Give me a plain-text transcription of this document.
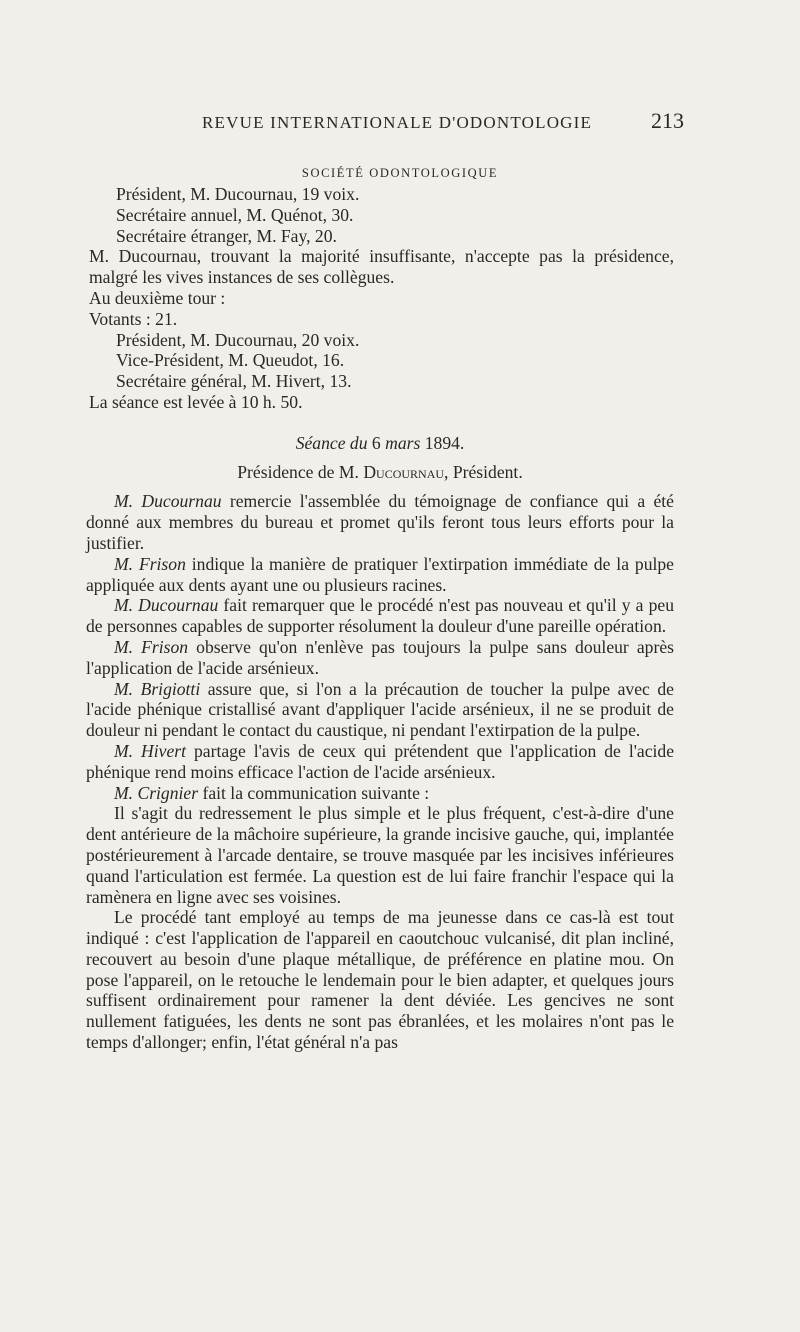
REVUE INTERNATIONALE D'ODONTOLOGIE	213
SOCIÉTÉ ODONTOLOGIQUE

Président, M. Ducournau, 19 voix.

Secrétaire annuel, M. Quénot, 30.

Secrétaire étranger, M. Fay, 20.

M. Ducournau, trouvant la majorité insuffisante, n'accepte pas la présidence, malgré les vives instances de ses collègues.

Au deuxième tour :

Votants : 21.

Président, M. Ducournau, 20 voix.

Vice-Président, M. Queudot, 16.

Secrétaire général, M. Hivert, 13.

La séance est levée à 10 h. 50.

Séance du 6 mars 1894.

Présidence de M. Ducournau, Président.

M. Ducournau remercie l'assemblée du témoignage de confiance qui a été donné aux membres du bureau et promet qu'ils feront tous leurs efforts pour la justifier.

M. Frison indique la manière de pratiquer l'extirpation immédiate de la pulpe appliquée aux dents ayant une ou plusieurs racines.

M. Ducournau fait remarquer que le procédé n'est pas nouveau et qu'il y a peu de personnes capables de supporter résolument la douleur d'une pareille opération.

M. Frison observe qu'on n'enlève pas toujours la pulpe sans douleur après l'application de l'acide arsénieux.

M. Brigiotti assure que, si l'on a la précaution de toucher la pulpe avec de l'acide phénique cristallisé avant d'appliquer l'acide arsénieux, il ne se produit de douleur ni pendant le contact du caustique, ni pendant l'extirpation de la pulpe.

M. Hivert partage l'avis de ceux qui prétendent que l'application de l'acide phénique rend moins efficace l'action de l'acide arsénieux.

M. Crignier fait la communication suivante :

Il s'agit du redressement le plus simple et le plus fréquent, c'est-à-dire d'une dent antérieure de la mâchoire supérieure, la grande incisive gauche, qui, implantée postérieurement à l'arcade dentaire, se trouve masquée par les incisives inférieures quand l'articulation est fermée. La question est de lui faire franchir l'espace qui la ramènera en ligne avec ses voisines.

Le procédé tant employé au temps de ma jeunesse dans ce cas-là est tout indiqué : c'est l'application de l'appareil en caoutchouc vulcanisé, dit plan incliné, recouvert au besoin d'une plaque métallique, de préférence en platine mou. On pose l'appareil, on le retouche le lendemain pour le bien adapter, et quelques jours suffisent ordinairement pour ramener la dent déviée. Les gencives ne sont nullement fatiguées, les dents ne sont pas ébranlées, et les molaires n'ont pas le temps d'allonger; enfin, l'état général n'a pas
